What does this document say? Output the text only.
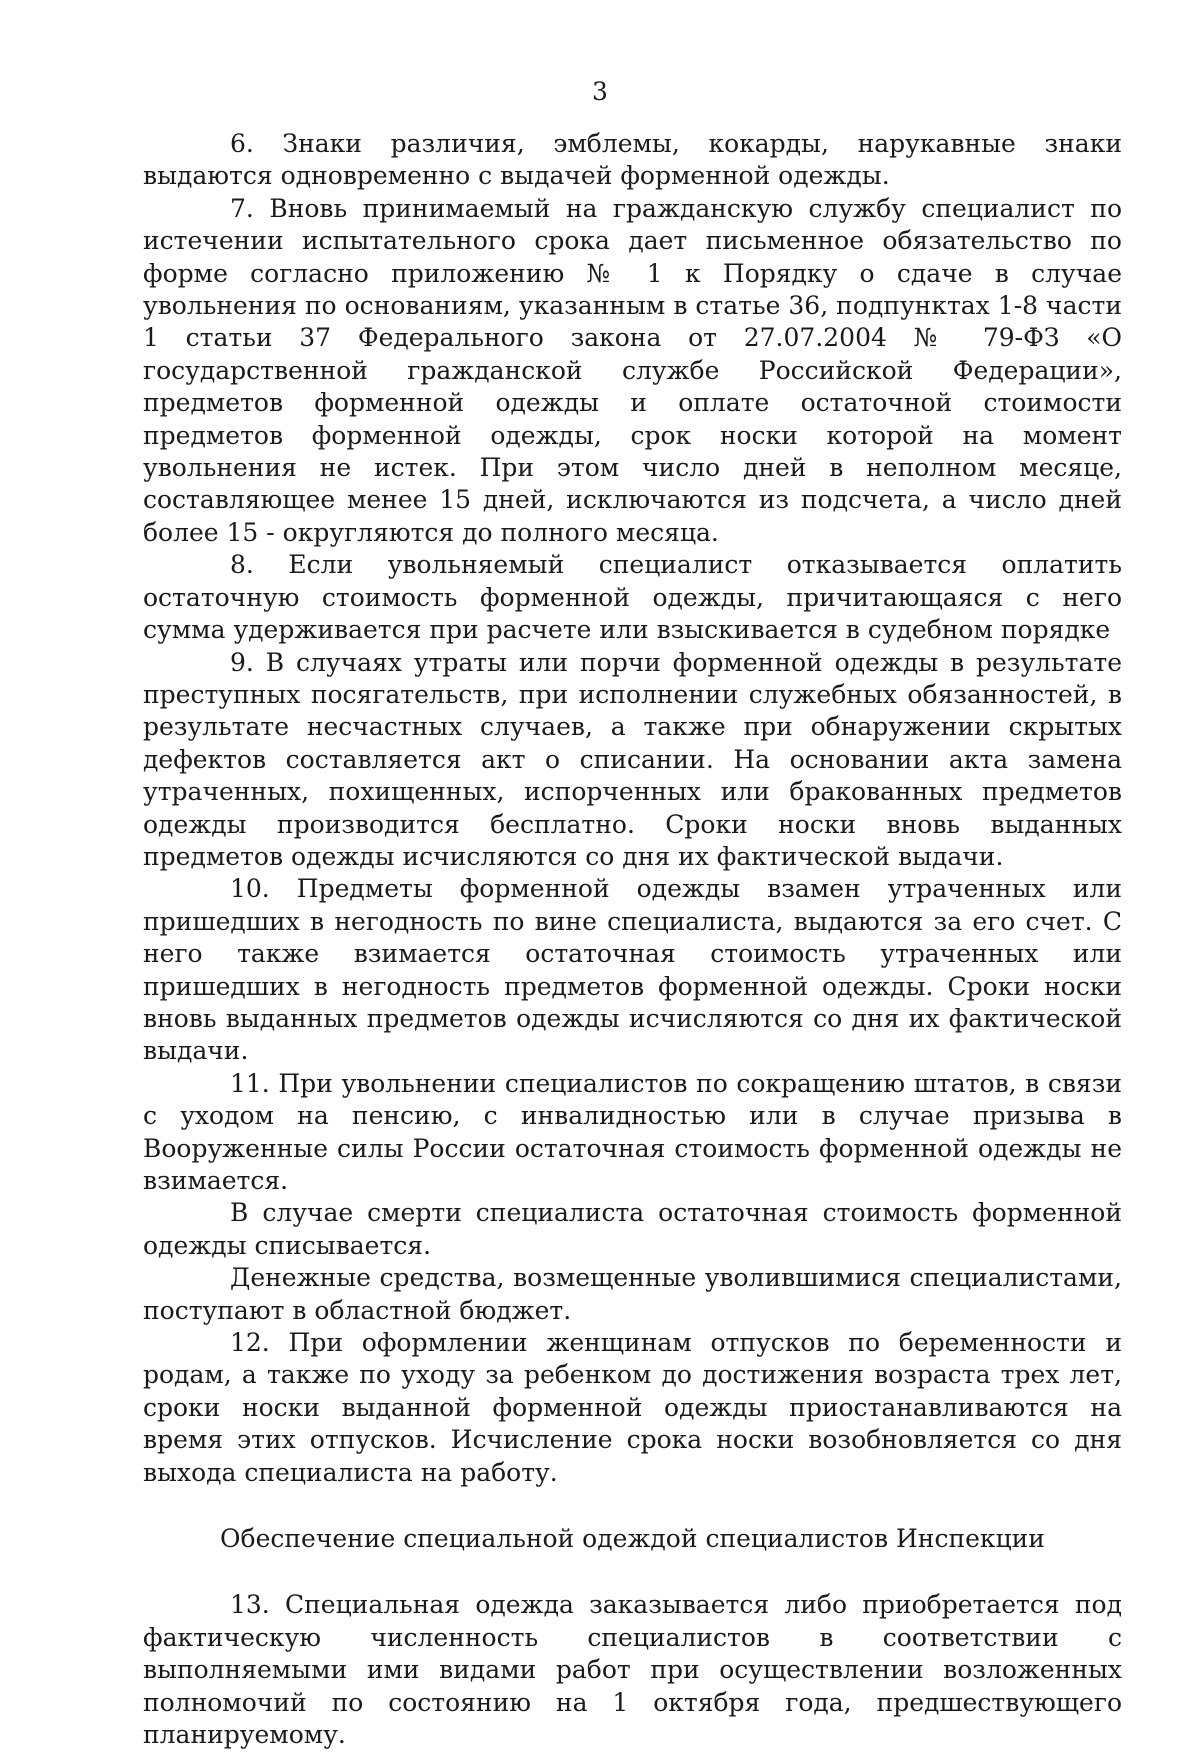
3

6. Знаки различия, эмблемы, кокарды, нарукавные знаки выдаются одновременно с выдачей форменной одежды.

7. Вновь принимаемый на гражданскую службу специалист по истечении испытательного срока дает письменное обязательство по форме согласно приложению № 1 к Порядку о сдаче в случае увольнения по основаниям, указанным в статье 36, подпунктах 1-8 части 1 статьи 37 Федерального закона от 27.07.2004 № 79-ФЗ «О государственной гражданской службе Российской Федерации», предметов форменной одежды и оплате остаточной стоимости предметов форменной одежды, срок носки которой на момент увольнения не истек. При этом число дней в неполном месяце, составляющее менее 15 дней, исключаются из подсчета, а число дней более 15 - округляются до полного месяца.

8. Если увольняемый специалист отказывается оплатить остаточную стоимость форменной одежды, причитающаяся с него сумма удерживается при расчете или взыскивается в судебном порядке

9. В случаях утраты или порчи форменной одежды в результате преступных посягательств, при исполнении служебных обязанностей, в результате несчастных случаев, а также при обнаружении скрытых дефектов составляется акт о списании. На основании акта замена утраченных, похищенных, испорченных или бракованных предметов одежды производится бесплатно. Сроки носки вновь выданных предметов одежды исчисляются со дня их фактической выдачи.

10. Предметы форменной одежды взамен утраченных или пришедших в негодность по вине специалиста, выдаются за его счет. С него также взимается остаточная стоимость утраченных или пришедших в негодность предметов форменной одежды. Сроки носки вновь выданных предметов одежды исчисляются со дня их фактической выдачи.

11. При увольнении специалистов по сокращению штатов, в связи с уходом на пенсию, с инвалидностью или в случае призыва в Вооруженные силы России остаточная стоимость форменной одежды не взимается.

В случае смерти специалиста остаточная стоимость форменной одежды списывается.

Денежные средства, возмещенные уволившимися специалистами, поступают в областной бюджет.

12. При оформлении женщинам отпусков по беременности и родам, а также по уходу за ребенком до достижения возраста трех лет, сроки носки выданной форменной одежды приостанавливаются на время этих отпусков. Исчисление срока носки возобновляется со дня выхода специалиста на работу.

Обеспечение специальной одеждой специалистов Инспекции

13. Специальная одежда заказывается либо приобретается под фактическую численность специалистов в соответствии с выполняемыми ими видами работ при осуществлении возложенных полномочий по состоянию на 1 октября года, предшествующего планируемому.
